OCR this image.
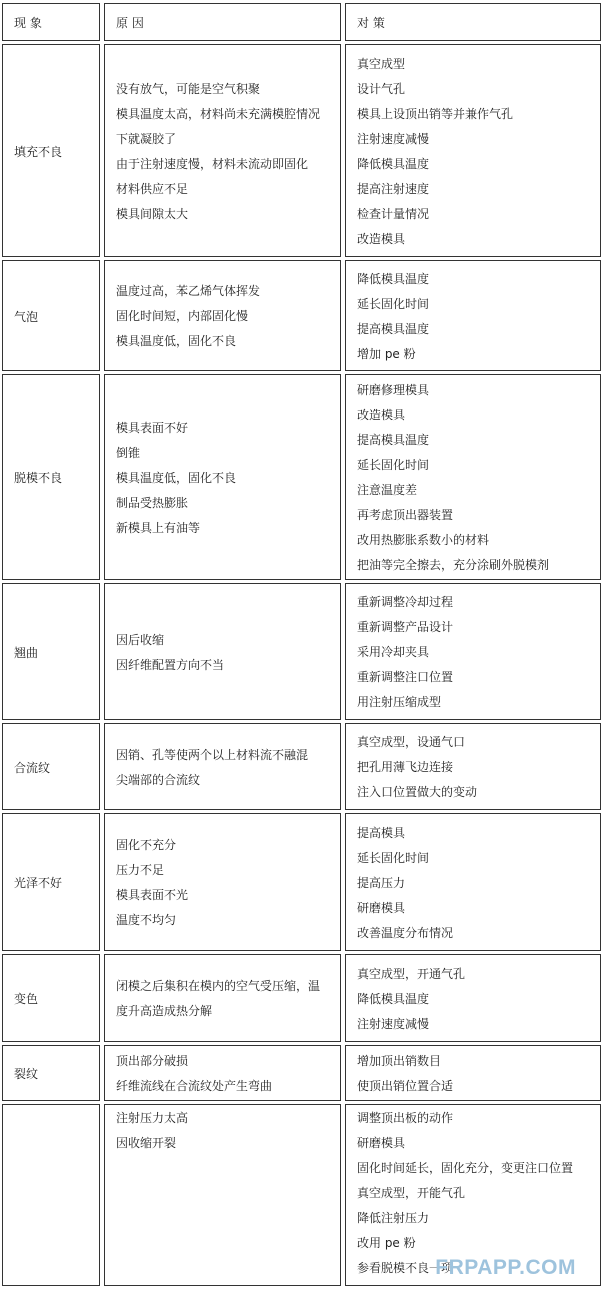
现 象	原 因	对 策
填充不良
没有放气，可能是空气积聚
模具温度太高，材料尚未充满模腔情况
下就凝胶了
由于注射速度慢，材料未流动即固化
材料供应不足
模具间隙太大
真空成型
设计气孔
模具上设顶出销等并兼作气孔
注射速度减慢
降低模具温度
提高注射速度
检查计量情况
改造模具
气泡
温度过高，苯乙烯气体挥发
固化时间短，内部固化慢
模具温度低，固化不良
降低模具温度
延长固化时间
提高模具温度
增加 pe 粉
脱模不良
模具表面不好
倒锥
模具温度低，固化不良
制品受热膨胀
新模具上有油等
研磨修理模具
改造模具
提高模具温度
延长固化时间
注意温度差
再考虑顶出器装置
改用热膨胀系数小的材料
把油等完全擦去，充分涂刷外脱模剂
翘曲
因后收缩
因纤维配置方向不当
重新调整冷却过程
重新调整产品设计
采用冷却夹具
重新调整注口位置
用注射压缩成型
合流纹
因销、孔等使两个以上材料流不融混
尖端部的合流纹
真空成型，设通气口
把孔用薄飞边连接
注入口位置做大的变动
光泽不好
固化不充分
压力不足
模具表面不光
温度不均匀
提高模具
延长固化时间
提高压力
研磨模具
改善温度分布情况
变色
闭模之后集积在模内的空气受压缩，温
度升高造成热分解
真空成型，开通气孔
降低模具温度
注射速度减慢
裂纹
顶出部分破损
纤维流线在合流纹处产生弯曲
增加顶出销数目
使顶出销位置合适
注射压力太高
因收缩开裂
调整顶出板的动作
研磨模具
固化时间延长，固化充分，变更注口位置
真空成型，开能气孔
降低注射压力
改用 pe 粉
参看脱模不良一项
FRPAPP.COM
